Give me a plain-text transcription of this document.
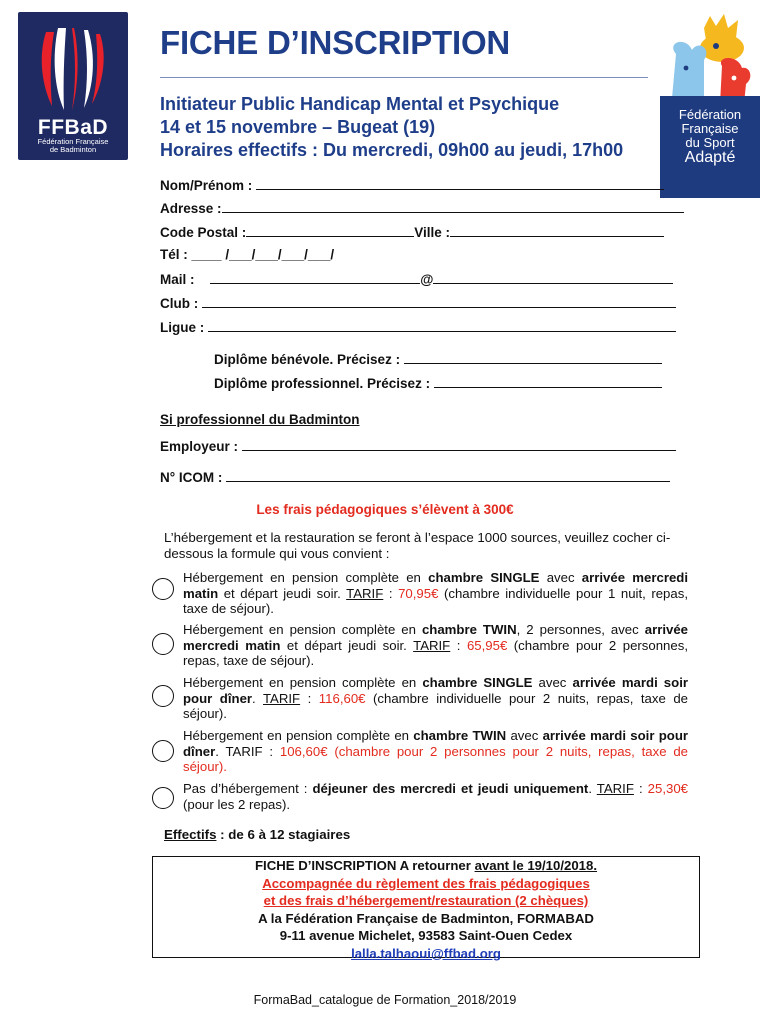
FFBaD
Fédération Française
de Badminton
Fédération
Française
du Sport
Adapté
FICHE D’INSCRIPTION
Initiateur Public Handicap Mental et Psychique
14 et 15 novembre – Bugeat (19)
Horaires effectifs : Du mercredi, 09h00 au jeudi, 17h00
Nom/Prénom :
Adresse :
Code Postal :	Ville :
Tél : ____ /___/___/___/___/
Mail :	@
Club :
Ligue :
Diplôme bénévole. Précisez :
Diplôme professionnel. Précisez :
Si professionnel du Badminton
Employeur :
N° ICOM :
Les frais pédagogiques s’élèvent à 300€
L’hébergement et la restauration se feront à l’espace 1000 sources, veuillez cocher ci-dessous la formule qui vous convient :
Hébergement en pension complète en chambre SINGLE avec arrivée mercredi matin et départ jeudi soir. TARIF : 70,95€ (chambre individuelle pour 1 nuit, repas, taxe de séjour).
Hébergement en pension complète en chambre TWIN, 2 personnes, avec arrivée mercredi matin et départ jeudi soir. TARIF : 65,95€ (chambre pour 2 personnes, repas, taxe de séjour).
Hébergement en pension complète en chambre SINGLE avec arrivée mardi soir pour dîner. TARIF : 116,60€ (chambre individuelle pour 2 nuits, repas, taxe de séjour).
Hébergement en pension complète en chambre TWIN avec arrivée mardi soir pour dîner. TARIF : 106,60€ (chambre pour 2 personnes pour 2 nuits, repas, taxe de séjour).
Pas d’hébergement : déjeuner des mercredi et jeudi uniquement. TARIF : 25,30€ (pour les 2 repas).
Effectifs : de 6 à 12 stagiaires
FICHE D’INSCRIPTION A retourner avant le 19/10/2018.
Accompagnée du règlement des frais pédagogiques
et des frais d’hébergement/restauration (2 chèques)
A la Fédération Française de Badminton, FORMABAD
9-11 avenue Michelet, 93583 Saint-Ouen Cedex
lalla.talhaoui@ffbad.org
FormaBad_catalogue de Formation_2018/2019
